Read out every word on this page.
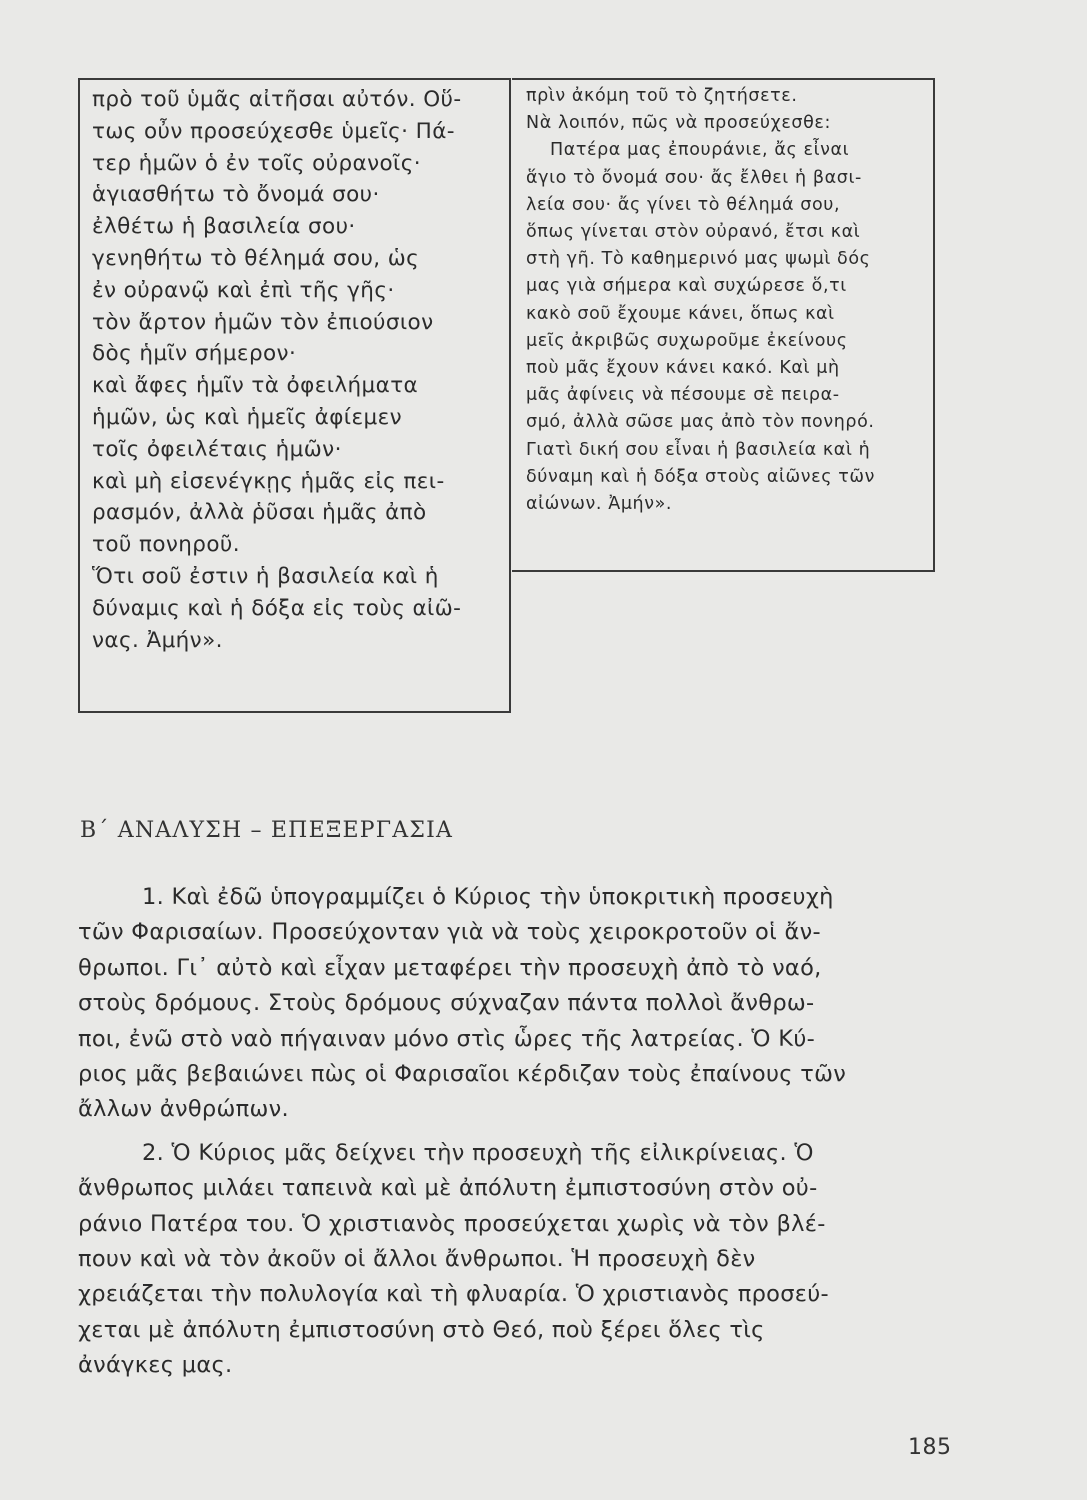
πρὸ τοῦ ὑμᾶς αἰτῆσαι αὐτόν. Οὕ-
τως οὖν προσεύχεσθε ὑμεῖς· Πά-
τερ ἡμῶν ὁ ἐν τοῖς οὐρανοῖς·
ἁγιασθήτω τὸ ὄνομά σου·
ἐλθέτω ἡ βασιλεία σου·
γενηθήτω τὸ θέλημά σου, ὡς
ἐν οὐρανῷ καὶ ἐπὶ τῆς γῆς·
τὸν ἄρτον ἡμῶν τὸν ἐπιούσιον
δὸς ἡμῖν σήμερον·
καὶ ἄφες ἡμῖν τὰ ὀφειλήματα
ἡμῶν, ὡς καὶ ἡμεῖς ἀφίεμεν
τοῖς ὀφειλέταις ἡμῶν·
καὶ μὴ εἰσενέγκῃς ἡμᾶς εἰς πει-
ρασμόν, ἀλλὰ ῥῦσαι ἡμᾶς ἀπὸ
τοῦ πονηροῦ.
Ὅτι σοῦ ἐστιν ἡ βασιλεία καὶ ἡ
δύναμις καὶ ἡ δόξα εἰς τοὺς αἰῶ-
νας. Ἀμήν».
πρὶν ἀκόμη τοῦ τὸ ζητήσετε.
Νὰ λοιπόν, πῶς νὰ προσεύχεσθε:
Πατέρα μας ἐπουράνιε, ἄς εἶναι
ἅγιο τὸ ὄνομά σου· ἄς ἔλθει ἡ βασι-
λεία σου· ἄς γίνει τὸ θέλημά σου,
ὅπως γίνεται στὸν οὐρανό, ἔτσι καὶ
στὴ γῆ. Τὸ καθημερινό μας ψωμὶ δός
μας γιὰ σήμερα καὶ συχώρεσε ὅ,τι
κακὸ σοῦ ἔχουμε κάνει, ὅπως καὶ
μεῖς ἀκριβῶς συχωροῦμε ἐκείνους
ποὺ μᾶς ἔχουν κάνει κακό. Καὶ μὴ
μᾶς ἀφίνεις νὰ πέσουμε σὲ πειρα-
σμό, ἀλλὰ σῶσε μας ἀπὸ τὸν πονηρό.
Γιατὶ δική σου εἶναι ἡ βασιλεία καὶ ἡ
δύναμη καὶ ἡ δόξα στοὺς αἰῶνες τῶν
αἰώνων. Ἀμήν».
Β΄ ΑΝΑΛΥΣΗ – ΕΠΕΞΕΡΓΑΣΙΑ
1. Καὶ ἐδῶ ὑπογραμμίζει ὁ Κύριος τὴν ὑποκριτικὴ προσευχὴ
τῶν Φαρισαίων. Προσεύχονταν γιὰ νὰ τοὺς χειροκροτοῦν οἱ ἄν-
θρωποι. Γι᾽ αὐτὸ καὶ εἶχαν μεταφέρει τὴν προσευχὴ ἀπὸ τὸ ναό,
στοὺς δρόμους. Στοὺς δρόμους σύχναζαν πάντα πολλοὶ ἄνθρω-
ποι, ἐνῶ στὸ ναὸ πήγαιναν μόνο στὶς ὧρες τῆς λατρείας. Ὁ Κύ-
ριος μᾶς βεβαιώνει πὼς οἱ Φαρισαῖοι κέρδιζαν τοὺς ἐπαίνους τῶν
ἄλλων ἀνθρώπων.
2. Ὁ Κύριος μᾶς δείχνει τὴν προσευχὴ τῆς εἰλικρίνειας. Ὁ
ἄνθρωπος μιλάει ταπεινὰ καὶ μὲ ἀπόλυτη ἐμπιστοσύνη στὸν οὐ-
ράνιο Πατέρα του. Ὁ χριστιανὸς προσεύχεται χωρὶς νὰ τὸν βλέ-
πουν καὶ νὰ τὸν ἀκοῦν οἱ ἄλλοι ἄνθρωποι. Ἡ προσευχὴ δὲν
χρειάζεται τὴν πολυλογία καὶ τὴ φλυαρία. Ὁ χριστιανὸς προσεύ-
χεται μὲ ἀπόλυτη ἐμπιστοσύνη στὸ Θεό, ποὺ ξέρει ὅλες τὶς
ἀνάγκες μας.
185
